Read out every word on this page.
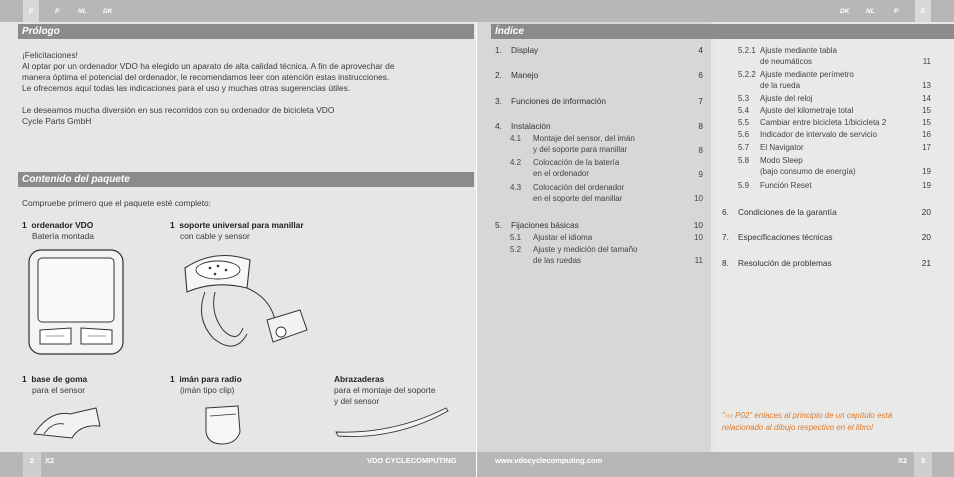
E	P	NL	DK	DK	NL	P	E
Prólogo
¡Felicitaciones!
Al optar por un ordenador VDO ha elegido un aparato de alta calidad técnica. A fin de aprovechar de
manera óptima el potencial del ordenador, le recomendamos leer con atención estas instrucciones.
Le ofrecemos aquí todas las indicaciones para el uso y muchas otras sugerencias útiles.
Le deseamos mucha diversión en sus recorridos con su ordenador de bicicleta VDO
Cycle Parts GmbH
Contenido del paquete
Compruebe primero que el paquete esté completo:
1 ordenador VDO
Batería montada
1 soporte universal para manillar
con cable y sensor
1 base de goma
para el sensor
1 imán para radio
(imán tipo clip)
Abrazaderas
para el montaje del soporte
y del sensor
Índice
1. Display	4
2. Manejo	6
3. Funciones de información	7
4. Instalación	8
4.1 Montaje del sensor, del imán
y del soporte para manillar	8
4.2 Colocación de la batería
en el ordenador	9
4.3 Colocación del ordenador
en el soporte del manillar	10
5. Fijaciones básicas	10
5.1 Ajustar el idioma	10
5.2 Ajuste y medición del tamaño
de las ruedas	11
5.2.1 Ajuste mediante tabla
de neumáticos	11
5.2.2 Ajuste mediante perímetro
de la rueda	13
5.3 Ajuste del reloj	14
5.4 Ajuste del kilometraje total	15
5.5 Cambiar entre bicicleta 1/bicicleta 2	15
5.6 Indicador de intervalo de servicio	16
5.7 El Navigator	17
5.8 Modo Sleep
(bajo consumo de energía)	19
5.9 Función Reset	19
6. Condiciones de la garantía	20
7. Especificaciones técnicas	20
8. Resolución de problemas	21
"››› P02" enlaces al principio de un capítulo está
relacionado al dibujo respectivo en el libro!
2	X2	VDO CYCLECOMPUTING	www.vdocyclecomputing.com	X2	3
